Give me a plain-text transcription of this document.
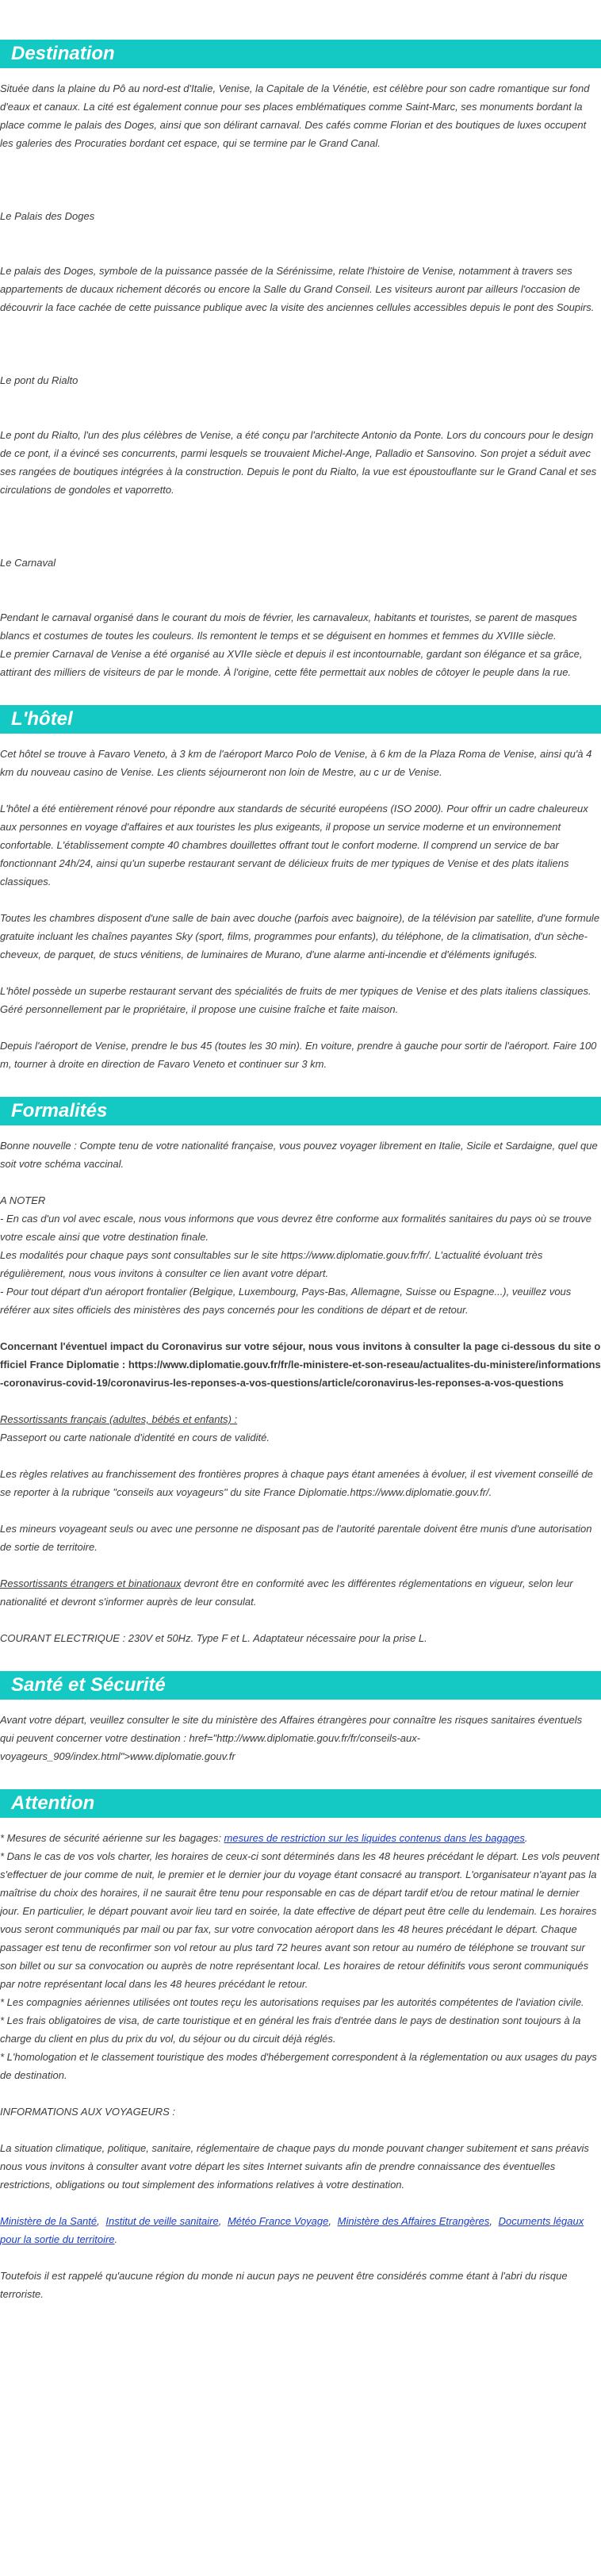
Destination

Située dans la plaine du Pô au nord-est d'Italie, Venise, la Capitale de la Vénétie, est célèbre pour son cadre romantique sur fond d'eaux et canaux. La cité est également connue pour ses places emblématiques comme Saint-Marc, ses monuments bordant la place comme le palais des Doges, ainsi que son délirant carnaval. Des cafés comme Florian et des boutiques de luxes occupent les galeries des Procuraties bordant cet espace, qui se termine par le Grand Canal.

Le Palais des Doges

Le palais des Doges, symbole de la puissance passée de la Sérénissime, relate l'histoire de Venise, notamment à travers ses appartements de ducaux richement décorés ou encore la Salle du Grand Conseil. Les visiteurs auront par ailleurs l'occasion de découvrir la face cachée de cette puissance publique avec la visite des anciennes cellules accessibles depuis le pont des Soupirs.

Le pont du Rialto

Le pont du Rialto, l'un des plus célèbres de Venise, a été conçu par l'architecte Antonio da Ponte. Lors du concours pour le design de ce pont, il a évincé ses concurrents, parmi lesquels se trouvaient Michel-Ange, Palladio et Sansovino. Son projet a séduit avec ses rangées de boutiques intégrées à la construction. Depuis le pont du Rialto, la vue est époustouflante sur le Grand Canal et ses circulations de gondoles et vaporretto.

Le Carnaval

Pendant le carnaval organisé dans le courant du mois de février, les carnavaleux, habitants et touristes, se parent de masques blancs et costumes de toutes les couleurs. Ils remontent le temps et se déguisent en hommes et femmes du XVIIIe siècle.

Le premier Carnaval de Venise a été organisé au XVIIe siècle et depuis il est incontournable, gardant son élégance et sa grâce, attirant des milliers de visiteurs de par le monde. À l'origine, cette fête permettait aux nobles de côtoyer le peuple dans la rue.

L'hôtel

Cet hôtel se trouve à Favaro Veneto, à 3 km de l'aéroport Marco Polo de Venise, à 6 km de la Plaza Roma de Venise, ainsi qu'à 4 km du nouveau casino de Venise. Les clients séjourneront non loin de Mestre, au c ur de Venise.

L'hôtel a été entièrement rénové pour répondre aux standards de sécurité européens (ISO 2000). Pour offrir un cadre chaleureux aux personnes en voyage d'affaires et aux touristes les plus exigeants, il propose un service moderne et un environnement confortable. L'établissement compte 40 chambres douillettes offrant tout le confort moderne. Il comprend un service de bar fonctionnant 24h/24, ainsi qu'un superbe restaurant servant de délicieux fruits de mer typiques de Venise et des plats italiens classiques.

Toutes les chambres disposent d'une salle de bain avec douche (parfois avec baignoire), de la télévision par satellite, d'une formule gratuite incluant les chaînes payantes Sky (sport, films, programmes pour enfants), du téléphone, de la climatisation, d'un sèche-cheveux, de parquet, de stucs vénitiens, de luminaires de Murano, d'une alarme anti-incendie et d'éléments ignifugés.

L'hôtel possède un superbe restaurant servant des spécialités de fruits de mer typiques de Venise et des plats italiens classiques. Géré personnellement par le propriétaire, il propose une cuisine fraîche et faite maison.

Depuis l'aéroport de Venise, prendre le bus 45 (toutes les 30 min). En voiture, prendre à gauche pour sortir de l'aéroport. Faire 100 m, tourner à droite en direction de Favaro Veneto et continuer sur 3 km.

Formalités

Bonne nouvelle : Compte tenu de votre nationalité française, vous pouvez voyager librement en Italie, Sicile et Sardaigne, quel que soit votre schéma vaccinal.

A NOTER

- En cas d'un vol avec escale, nous vous informons que vous devrez être conforme aux formalités sanitaires du pays où se trouve votre escale ainsi que votre destination finale.

Les modalités pour chaque pays sont consultables sur le site https://www.diplomatie.gouv.fr/fr/. L'actualité évoluant très régulièrement, nous vous invitons à consulter ce lien avant votre départ.

- Pour tout départ d'un aéroport frontalier (Belgique, Luxembourg, Pays-Bas, Allemagne, Suisse ou Espagne...), veuillez vous référer aux sites officiels des ministères des pays concernés pour les conditions de départ et de retour.

Concernant l'éventuel impact du Coronavirus sur votre séjour, nous vous invitons à consulter la page ci-dessous du site officiel France Diplomatie : https://www.diplomatie.gouv.fr/fr/le-ministere-et-son-reseau/actualites-du-ministere/informations-coronavirus-covid-19/coronavirus-les-reponses-a-vos-questions/article/coronavirus-les-reponses-a-vos-questions

Ressortissants français (adultes, bébés et enfants) :

Passeport ou carte nationale d'identité en cours de validité.

Les règles relatives au franchissement des frontières propres à chaque pays étant amenées à évoluer, il est vivement conseillé de se reporter à la rubrique "conseils aux voyageurs" du site France Diplomatie.https://www.diplomatie.gouv.fr/.

Les mineurs voyageant seuls ou avec une personne ne disposant pas de l'autorité parentale doivent être munis d'une autorisation de sortie de territoire.

Ressortissants étrangers et binationaux devront être en conformité avec les différentes réglementations en vigueur, selon leur nationalité et devront s'informer auprès de leur consulat.

COURANT ELECTRIQUE : 230V et 50Hz. Type F et L. Adaptateur nécessaire pour la prise L.

Santé et Sécurité

Avant votre départ, veuillez consulter le site du ministère des Affaires étrangères pour connaître les risques sanitaires éventuels qui peuvent concerner votre destination : href="http://www.diplomatie.gouv.fr/fr/conseils-aux-voyageurs_909/index.html">www.diplomatie.gouv.fr

Attention

* Mesures de sécurité aérienne sur les bagages: mesures de restriction sur les liquides contenus dans les bagages.

* Dans le cas de vos vols charter, les horaires de ceux-ci sont déterminés dans les 48 heures précédant le départ. Les vols peuvent s'effectuer de jour comme de nuit, le premier et le dernier jour du voyage étant consacré au transport. L'organisateur n'ayant pas la maîtrise du choix des horaires, il ne saurait être tenu pour responsable en cas de départ tardif et/ou de retour matinal le dernier jour. En particulier, le départ pouvant avoir lieu tard en soirée, la date effective de départ peut être celle du lendemain. Les horaires vous seront communiqués par mail ou par fax, sur votre convocation aéroport dans les 48 heures précédant le départ. Chaque passager est tenu de reconfirmer son vol retour au plus tard 72 heures avant son retour au numéro de téléphone se trouvant sur son billet ou sur sa convocation ou auprès de notre représentant local. Les horaires de retour définitifs vous seront communiqués par notre représentant local dans les 48 heures précédant le retour.

* Les compagnies aériennes utilisées ont toutes reçu les autorisations requises par les autorités compétentes de l'aviation civile.

* Les frais obligatoires de visa, de carte touristique et en général les frais d'entrée dans le pays de destination sont toujours à la charge du client en plus du prix du vol, du séjour ou du circuit déjà réglés.

* L'homologation et le classement touristique des modes d'hébergement correspondent à la réglementation ou aux usages du pays de destination.

INFORMATIONS AUX VOYAGEURS :

La situation climatique, politique, sanitaire, réglementaire de chaque pays du monde pouvant changer subitement et sans préavis nous vous invitons à consulter avant votre départ les sites Internet suivants afin de prendre connaissance des éventuelles restrictions, obligations ou tout simplement des informations relatives à votre destination.

Ministère de la Santé, Institut de veille sanitaire, Météo France Voyage, Ministère des Affaires Etrangères, Documents légaux pour la sortie du territoire.

Toutefois il est rappelé qu'aucune région du monde ni aucun pays ne peuvent être considérés comme étant à l'abri du risque terroriste.
